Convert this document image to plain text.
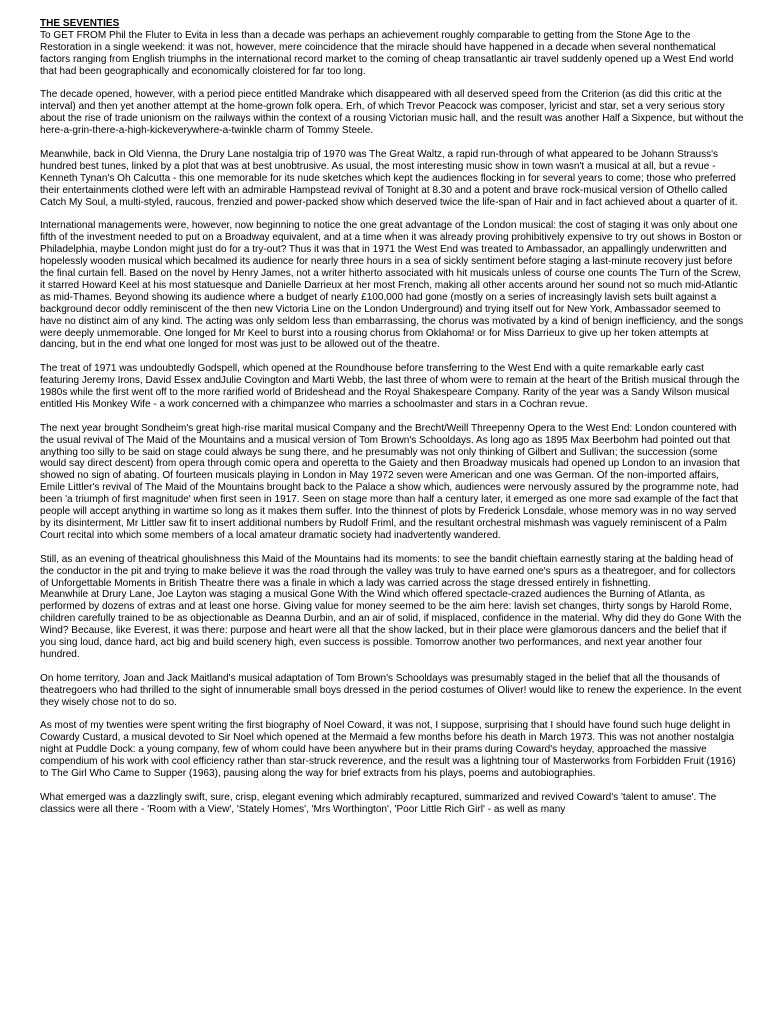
THE SEVENTIES

To GET FROM Phil the Fluter to Evita in less than a decade was perhaps an achievement roughly comparable to getting from the Stone Age to the Restoration in a single weekend: it was not, however, mere coincidence that the miracle should have happened in a decade when several nonthematical factors ranging from English triumphs in the international record market to the coming of cheap transatlantic air travel suddenly opened up a West End world that had been geographically and economically cloistered for far too long.

The decade opened, however, with a period piece entitled Mandrake which disappeared with all deserved speed from the Criterion (as did this critic at the interval) and then yet another attempt at the home-grown folk opera. Erh, of which Trevor Peacock was composer, lyricist and star, set a very serious story about the rise of trade unionism on the railways within the context of a rousing Victorian music hall, and the result was another Half a Sixpence, but without the here-a-grin-there-a-high-kickeverywhere-a-twinkle charm of Tommy Steele.

Meanwhile, back in Old Vienna, the Drury Lane nostalgia trip of 1970 was The Great Waltz, a rapid run-through of what appeared to be Johann Strauss's hundred best tunes, linked by a plot that was at best unobtrusive. As usual, the most interesting music show in town wasn't a musical at all, but a revue - Kenneth Tynan's Oh Calcutta - this one memorable for its nude sketches which kept the audiences flocking in for several years to come; those who preferred their entertainments clothed were left with an admirable Hampstead revival of Tonight at 8.30 and a potent and brave rock-musical version of Othello called Catch My Soul, a multi-styled, raucous, frenzied and power-packed show which deserved twice the life-span of Hair and in fact achieved about a quarter of it.

International managements were, however, now beginning to notice the one great advantage of the London musical: the cost of staging it was only about one fifth of the investment needed to put on a Broadway equivalent, and at a time when it was already proving prohibitively expensive to try out shows in Boston or Philadelphia, maybe London might just do for a try-out? Thus it was that in 1971 the West End was treated to Ambassador, an appallingly underwritten and hopelessly wooden musical which becalmed its audience for nearly three hours in a sea of sickly sentiment before staging a last-minute recovery just before the final curtain fell. Based on the novel by Henry James, not a writer hitherto associated with hit musicals unless of course one counts The Turn of the Screw, it starred Howard Keel at his most statuesque and Danielle Darrieux at her most French, making all other accents around her sound not so much mid-Atlantic as mid-Thames. Beyond showing its audience where a budget of nearly £100,000 had gone (mostly on a series of increasingly lavish sets built against a background decor oddly reminiscent of the then new Victoria Line on the London Underground) and trying itself out for New York, Ambassador seemed to have no distinct aim of any kind. The acting was only seldom less than embarrassing, the chorus was motivated by a kind of benign inefficiency, and the songs were deeply unmemorable. One longed for Mr Keel to burst into a rousing chorus from Oklahoma! or for Miss Darrieux to give up her token attempts at dancing, but in the end what one longed for most was just to be allowed out of the theatre.

The treat of 1971 was undoubtedly Godspell, which opened at the Roundhouse before transferring to the West End with a quite remarkable early cast featuring Jeremy Irons, David Essex andJulie Covington and Marti Webb, the last three of whom were to remain at the heart of the British musical through the 1980s while the first went off to the more rarified world of Brideshead and the Royal Shakespeare Company. Rarity of the year was a Sandy Wilson musical entitled His Monkey Wife - a work concerned with a chimpanzee who marries a schoolmaster and stars in a Cochran revue.

The next year brought Sondheim's great high-rise marital musical Company and the Brecht/Weill Threepenny Opera to the West End: London countered with the usual revival of The Maid of the Mountains and a musical version of Tom Brown's Schooldays. As long ago as 1895 Max Beerbohm had pointed out that anything too silly to be said on stage could always be sung there, and he presumably was not only thinking of Gilbert and Sullivan; the succession (some would say direct descent) from opera through comic opera and operetta to the Gaiety and then Broadway musicals had opened up London to an invasion that showed no sign of abating. Of fourteen musicals playing in London in May 1972 seven were American and one was German. Of the non-imported affairs, Emile Littler's revival of The Maid of the Mountains brought back to the Palace a show which, audiences were nervously assured by the programme note, had been 'a triumph of first magnitude' when first seen in 1917. Seen on stage more than half a century later, it emerged as one more sad example of the fact that people will accept anything in wartime so long as it makes them suffer. Into the thinnest of plots by Frederick Lonsdale, whose memory was in no way served by its disinterment, Mr Littler saw fit to insert additional numbers by Rudolf Friml, and the resultant orchestral mishmash was vaguely reminiscent of a Palm Court recital into which some members of a local amateur dramatic society had inadvertently wandered.

Still, as an evening of theatrical ghoulishness this Maid of the Mountains had its moments: to see the bandit chieftain earnestly staring at the balding head of the conductor in the pit and trying to make believe it was the road through the valley was truly to have earned one's spurs as a theatregoer, and for collectors of Unforgettable Moments in British Theatre there was a finale in which a lady was carried across the stage dressed entirely in fishnetting.

Meanwhile at Drury Lane, Joe Layton was staging a musical Gone With the Wind which offered spectacle-crazed audiences the Burning of Atlanta, as performed by dozens of extras and at least one horse. Giving value for money seemed to be the aim here: lavish set changes, thirty songs by Harold Rome, children carefully trained to be as objectionable as Deanna Durbin, and an air of solid, if misplaced, confidence in the material. Why did they do Gone With the Wind? Because, like Everest, it was there: purpose and heart were all that the show lacked, but in their place were glamorous dancers and the belief that if you sing loud, dance hard, act big and build scenery high, even success is possible. Tomorrow another two performances, and next year another four hundred.

On home territory, Joan and Jack Maitland's musical adaptation of Tom Brown's Schooldays was presumably staged in the belief that all the thousands of theatregoers who had thrilled to the sight of innumerable small boys dressed in the period costumes of Oliver! would like to renew the experience. In the event they wisely chose not to do so.

As most of my twenties were spent writing the first biography of Noel Coward, it was not, I suppose, surprising that I should have found such huge delight in Cowardy Custard, a musical devoted to Sir Noel which opened at the Mermaid a few months before his death in March 1973. This was not another nostalgia night at Puddle Dock: a young company, few of whom could have been anywhere but in their prams during Coward's heyday, approached the massive compendium of his work with cool efficiency rather than star-struck reverence, and the result was a lightning tour of Masterworks from Forbidden Fruit (1916) to The Girl Who Came to Supper (1963), pausing along the way for brief extracts from his plays, poems and autobiographies.

What emerged was a dazzlingly swift, sure, crisp, elegant evening which admirably recaptured, summarized and revived Coward's 'talent to amuse'. The classics were all there - 'Room with a View', 'Stately Homes', 'Mrs Worthington', 'Poor Little Rich Girl' - as well as many
